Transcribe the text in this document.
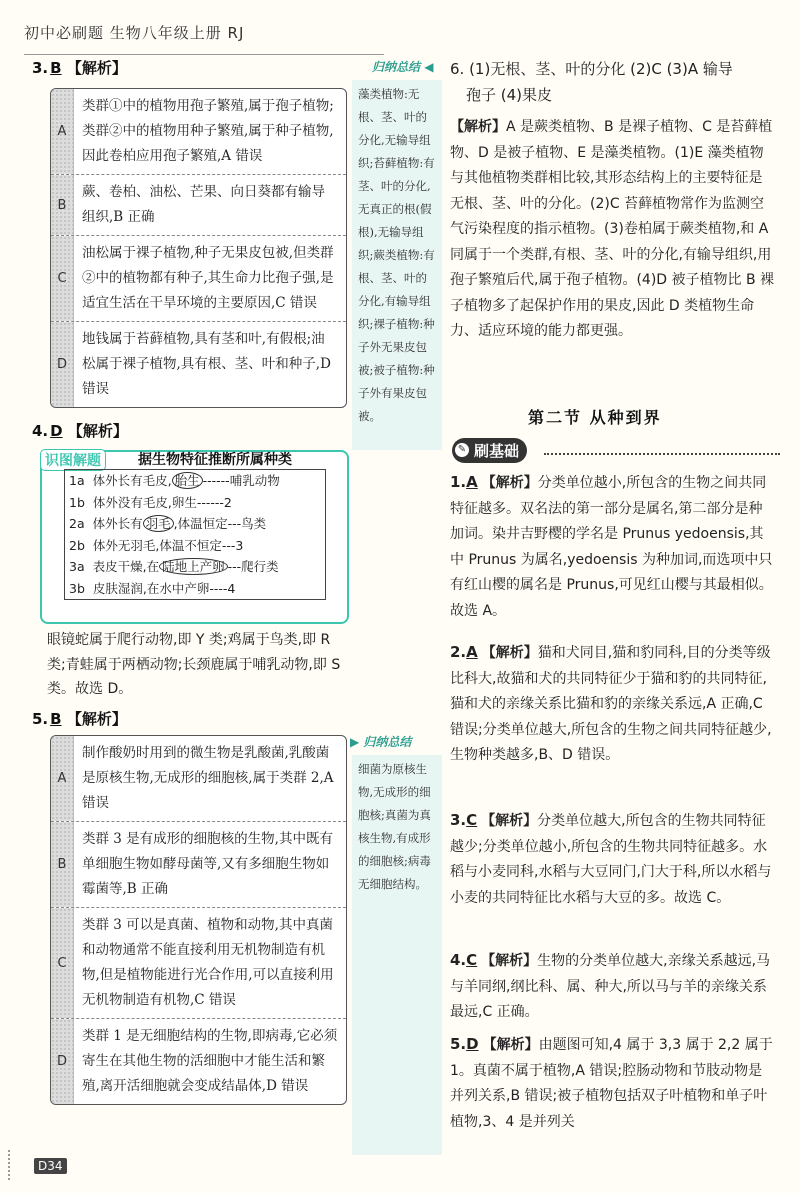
初中必刷题 生物八年级上册 RJ
3. B 【解析】
A
类群①中的植物用孢子繁殖,属于孢子植物;类群②中的植物用种子繁殖,属于种子植物,因此卷柏应用孢子繁殖,A 错误
B
蕨、卷柏、油松、芒果、向日葵都有输导组织,B 正确
C
油松属于裸子植物,种子无果皮包被,但类群②中的植物都有种子,其生命力比孢子强,是适宜生活在干旱环境的主要原因,C 错误
D
地钱属于苔藓植物,具有茎和叶,有假根;油松属于裸子植物,具有根、茎、叶和种子,D 错误
归纳总结 ◀
藻类植物:无根、茎、叶的分化,无输导组织;苔藓植物:有茎、叶的分化,无真正的根(假根),无输导组织;蕨类植物:有根、茎、叶的分化,有输导组织;裸子植物:种子外无果皮包被;被子植物:种子外有果皮包被。
4. D 【解析】
识图解题	据生物特征推断所属种类
1a 体外长有毛皮, 胎生 ------哺乳动物
1b 体外没有毛皮,卵生------2
2a 体外长有 羽毛 ,体温恒定---鸟类
2b 体外无羽毛,体温不恒定---3
3a 表皮干燥,在 陆地上产卵 ---爬行类
3b 皮肤湿润,在水中产卵----4
眼镜蛇属于爬行动物,即 Y 类;鸡属于鸟类,即 R 类;青蛙属于两栖动物;长颈鹿属于哺乳动物,即 S 类。故选 D。
5. B 【解析】
A
制作酸奶时用到的微生物是乳酸菌,乳酸菌是原核生物,无成形的细胞核,属于类群 2,A 错误
B
类群 3 是有成形的细胞核的生物,其中既有单细胞生物如酵母菌等,又有多细胞生物如霉菌等,B 正确
C
类群 3 可以是真菌、植物和动物,其中真菌和动物通常不能直接利用无机物制造有机物,但是植物能进行光合作用,可以直接利用无机物制造有机物,C 错误
D
类群 1 是无细胞结构的生物,即病毒,它必须寄生在其他生物的活细胞中才能生活和繁殖,离开活细胞就会变成结晶体,D 错误
▶ 归纳总结
细菌为原核生物,无成形的细胞核;真菌为真核生物,有成形的细胞核;病毒无细胞结构。
6. (1)无根、茎、叶的分化 (2)C (3)A 输导
孢子 (4)果皮
【解析】A 是蕨类植物、B 是裸子植物、C 是苔藓植物、D 是被子植物、E 是藻类植物。(1)E 藻类植物与其他植物类群相比较,其形态结构上的主要特征是无根、茎、叶的分化。(2)C 苔藓植物常作为监测空气污染程度的指示植物。(3)卷柏属于蕨类植物,和 A 同属于一个类群,有根、茎、叶的分化,有输导组织,用孢子繁殖后代,属于孢子植物。(4)D 被子植物比 B 裸子植物多了起保护作用的果皮,因此 D 类植物生命力、适应环境的能力都更强。
第二节 从种到界
✎ 刷基础
1.A 【解析】分类单位越小,所包含的生物之间共同特征越多。双名法的第一部分是属名,第二部分是种加词。染井吉野樱的学名是 Prunus yedoensis,其中 Prunus 为属名,yedoensis 为种加词,而选项中只有红山樱的属名是 Prunus,可见红山樱与其最相似。故选 A。
2.A 【解析】猫和犬同目,猫和豹同科,目的分类等级比科大,故猫和犬的共同特征少于猫和豹的共同特征,猫和犬的亲缘关系比猫和豹的亲缘关系远,A 正确,C 错误;分类单位越大,所包含的生物之间共同特征越少,生物种类越多,B、D 错误。
3.C 【解析】分类单位越大,所包含的生物共同特征越少;分类单位越小,所包含的生物共同特征越多。水稻与小麦同科,水稻与大豆同门,门大于科,所以水稻与小麦的共同特征比水稻与大豆的多。故选 C。
4.C 【解析】生物的分类单位越大,亲缘关系越远,马与羊同纲,纲比科、属、种大,所以马与羊的亲缘关系最远,C 正确。
5.D 【解析】由题图可知,4 属于 3,3 属于 2,2 属于 1。真菌不属于植物,A 错误;腔肠动物和节肢动物是并列关系,B 错误;被子植物包括双子叶植物和单子叶植物,3、4 是并列关
D34
